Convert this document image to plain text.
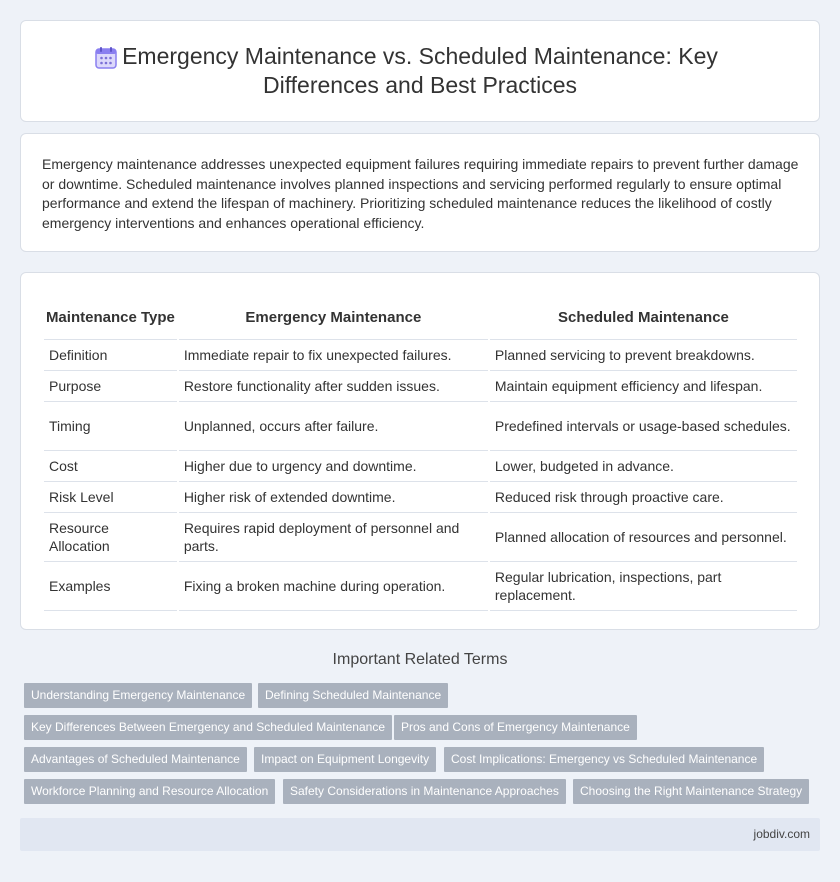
Emergency Maintenance vs. Scheduled Maintenance: Key Differences and Best Practices

Emergency maintenance addresses unexpected equipment failures requiring immediate repairs to prevent further damage or downtime. Scheduled maintenance involves planned inspections and servicing performed regularly to ensure optimal performance and extend the lifespan of machinery. Prioritizing scheduled maintenance reduces the likelihood of costly emergency interventions and enhances operational efficiency.

Maintenance Type	Emergency Maintenance	Scheduled Maintenance
Definition	Immediate repair to fix unexpected failures.	Planned servicing to prevent breakdowns.
Purpose	Restore functionality after sudden issues.	Maintain equipment efficiency and lifespan.
Timing	Unplanned, occurs after failure.	Predefined intervals or usage-based schedules.
Cost	Higher due to urgency and downtime.	Lower, budgeted in advance.
Risk Level	Higher risk of extended downtime.	Reduced risk through proactive care.
Resource Allocation	Requires rapid deployment of personnel and parts.	Planned allocation of resources and personnel.
Examples	Fixing a broken machine during operation.	Regular lubrication, inspections, part replacement.
Important Related Terms
Understanding Emergency Maintenance	Defining Scheduled Maintenance
Key Differences Between Emergency and Scheduled Maintenance	Pros and Cons of Emergency Maintenance
Advantages of Scheduled Maintenance	Impact on Equipment Longevity	Cost Implications: Emergency vs Scheduled Maintenance
Workforce Planning and Resource Allocation	Safety Considerations in Maintenance Approaches	Choosing the Right Maintenance Strategy
jobdiv.com
